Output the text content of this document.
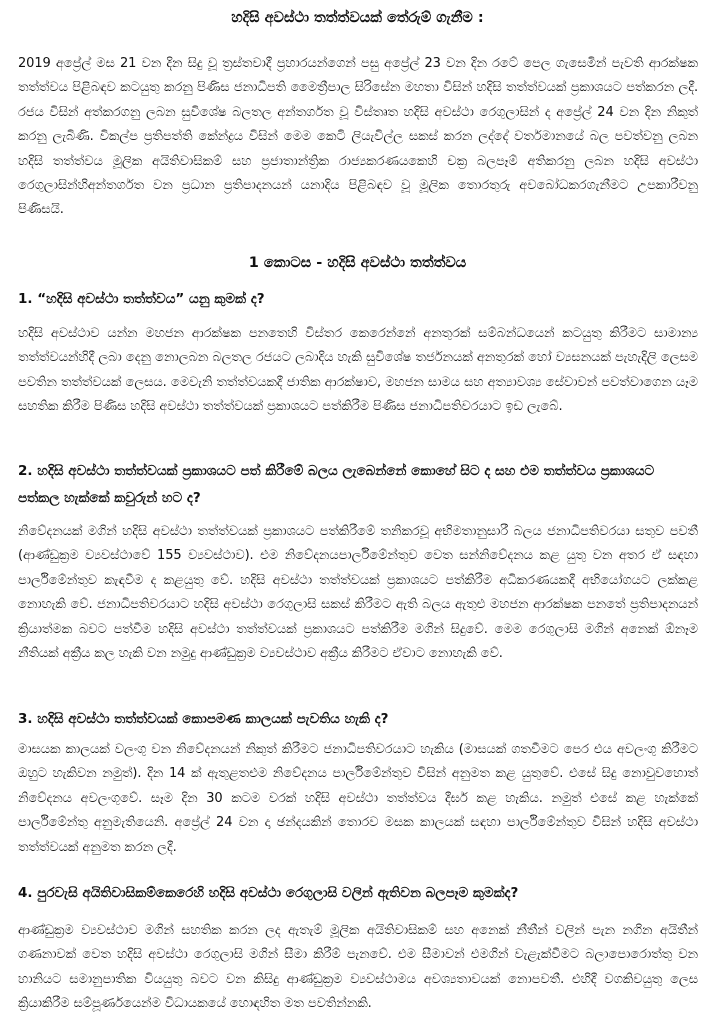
හදිසි අවස්ථා තත්ත්වයක් තේරුම් ගැනීම :

2019 අප්‍රේල් මස 21 වන දින සිදු වූ ත්‍රස්තවාදී ප්‍රහාරයන්ගෙන් පසු අප්‍රේල් 23 වන දින රටේ පෙල ගැසෙමින් පැවති ආරක්ෂක තත්ත්වය පිළිබඳව කටයුතු කරනු පිණිස ජනාධිපති මෛත්‍රීපාල සිරිසේන මහතා විසින් හදිසි තත්ත්වයක් ප්‍රකාශයට පත්කරන ලදී. රජය විසින් අත්කරගනු ලබන සුවිශේෂ බලතල අන්තර්ගත වූ විස්තෘත හදිසි අවස්ථා රෙගුලාසින් ද අප්‍රේල් 24 වන දින නිකුත් කරනු ලැබිණි. විකල්ප ප්‍රතිපත්ති කේන්ද්‍රය විසින් මෙම කෙටි ලියැවිල්ල සකස් කරන ලද්දේ වර්තමානයේ බල පවත්වනු ලබන හදිසි තත්ත්වය මූලික අයිතිවාසිකම් සහ ප්‍රජාතාන්ත්‍රික රාජ්‍යකරණයකෙහි චක්‍ර බලපෑම් අතිකරනු ලබන හදිසි අවස්ථා රෙගුලාසින්හිඅන්තර්ගත වන ප්‍රධාන ප්‍රතිපාදනයන් යනාදිය පිළිබඳව වූ මූලික තොරතුරු අවබෝධකරගැනීමට උපකාරීවනු පිණිසයි.

1 කොටස - හදිසි අවස්ථා තත්ත්වය
1. “හදිසි අවස්ථා තත්ත්වය” යනු කුමක් ද?

හදිසි අවස්ථාව යන්න මහජන ආරක්ෂක පනතෙහි විස්තර කෙරෙන්නේ අනතුරක් සම්බන්ධයෙන් කටයුතු කිරීමට සාමාන්‍ය තත්ත්වයන්හිදී ලබා දෙනු නොලබන බලතල රජයට ලබාදිය හැකි සුවිශේෂ තර්ජනයක් අනතුරක් හෝ ව්‍යසනයක් පැහැදිලි ලෙසම පවතින තත්ත්වයක් ලෙසය. මෙවැනි තත්ත්වයකදී ජාතික ආරක්ෂාව, මහජන සාමය සහ අත්‍යාවශ්‍ය සේවාවන් පවත්වාගෙන යෑම සහතික කිරීම පිණිස හදිසි අවස්ථා තත්ත්වයක් ප්‍රකාශයට පත්කිරීම පිණිස ජනාධිපතිවරයාට ඉඩ ලැබේ.

2. හදිසි අවස්ථා තත්ත්වයක් ප්‍රකාශයට පත් කිරීමේ බලය ලැබෙන්නේ කොහේ සිට ද සහ එම තත්ත්වය ප්‍රකාශයට පත්කල හැක්කේ කවුරුන් හට ද?

නිවේදනයක් මගින් හදිසි අවස්ථා තත්ත්වයක් ප්‍රකාශයට පත්කිරීමේ තනිකරවූ අභිමතානුසාරී බලය ජනාධිපතිවරයා සතුව පවතී (ආණ්ඩුක්‍රම ව්‍යවස්ථාවේ 155 ව්‍යවස්ථාව). එම නිවේදනයපාර්ලිමේන්තුව වෙත සන්නිවේදනය කළ යුතු වන අතර ඒ සඳහා පාර්ලිමේන්තුව කැඳවීම ද කළයුතු වේ. හදිසි අවස්ථා තත්ත්වයක් ප්‍රකාශයට පත්කිරීම අධිකරණයකදී අභියෝගයට ලක්කළ නොහැකි වේ. ජනාධිපතිවරයාට හදිසි අවස්ථා රෙගුලාසි සකස් කිරීමට ඇති බලය ඇතුළු මහජන ආරක්ෂක පනතේ ප්‍රතිපාදනයන් ක්‍රියාත්මක බවට පත්වීම හදිසි අවස්ථා තත්ත්වයක් ප්‍රකාශයට පත්කිරීම මගින් සිදුවේ. මෙම රෙගුලාසි මගින් අනෙක් ඕනෑම නීතියක් අක්‍රීය කල හැකි වන නමුදු ආණ්ඩුක්‍රම ව්‍යවස්ථාව අක්‍රීය කිරීමට ඒවාට නොහැකි වේ.

3. හදිසි අවස්ථා තත්ත්වයක් කොපමණ කාලයක් පැවතිය හැකි ද?

මාසයක කාලයක් වලංගු වන නිවේදනයන් නිකුත් කිරීමට ජනාධිපතිවරයාට හැකිය (මාසයක් ගතවීමට පෙර එය අවලංගු කිරීමට ඔහුට හැකිවන නමුත්). දින 14 ක් ඇතුළතඑම නිවේදනය පාර්ලිමේන්තුව විසින් අනුමත කළ යුතුවේ. එසේ සිදු නොවුවහොත් නිවේදනය අවලංගුවේ. සෑම දින 30 කටම වරක් හදිසි අවස්ථා තත්ත්වය දීර්ඝ කළ හැකිය. නමුත් එසේ කළ හැක්කේ පාර්ලිමේන්තු අනුමැතියෙනි. අප්‍රේල් 24 වන දා ඡන්දයකින් තොරව මසක කාලයක් සඳහා පාර්ලිමේන්තුව විසින් හදිසි අවස්ථා තත්ත්වයක් අනුමත කරන ලදී.

4. පුරවැසි අයිතිවාසිකම්කෙරෙහි හදිසි අවස්ථා රෙගුලාසි වලින් ඇතිවන බලපෑම කුමක්ද?

ආණ්ඩුක්‍රම ව්‍යවස්ථාව මගින් සහතික කරන ලද ඇතැම් මූලික අයිතිවාසිකම් සහ අනෙක් නීතීන් වලින් පැන නගින අයිතීන් ගණනාවක් වෙත හදිසි අවස්ථා රෙගුලාසි මගින් සීමා කිරීම් පැනවේ. එම සීමාවන් එමගින් වැළැක්වීමට බලාපොරොත්තු වන හානියට සමානුපාතික වියයුතු බවට වන කිසිදු ආණ්ඩුක්‍රම ව්‍යවස්ථාමය අවශ්‍යතාවයක් නොපවතී. එහිදී වගකිවයුතු ලෙස ක්‍රියාකිරීම සම්පූර්ණයෙන්ම විධායකයේ හොඳහිත මත පවතින්නකි.
